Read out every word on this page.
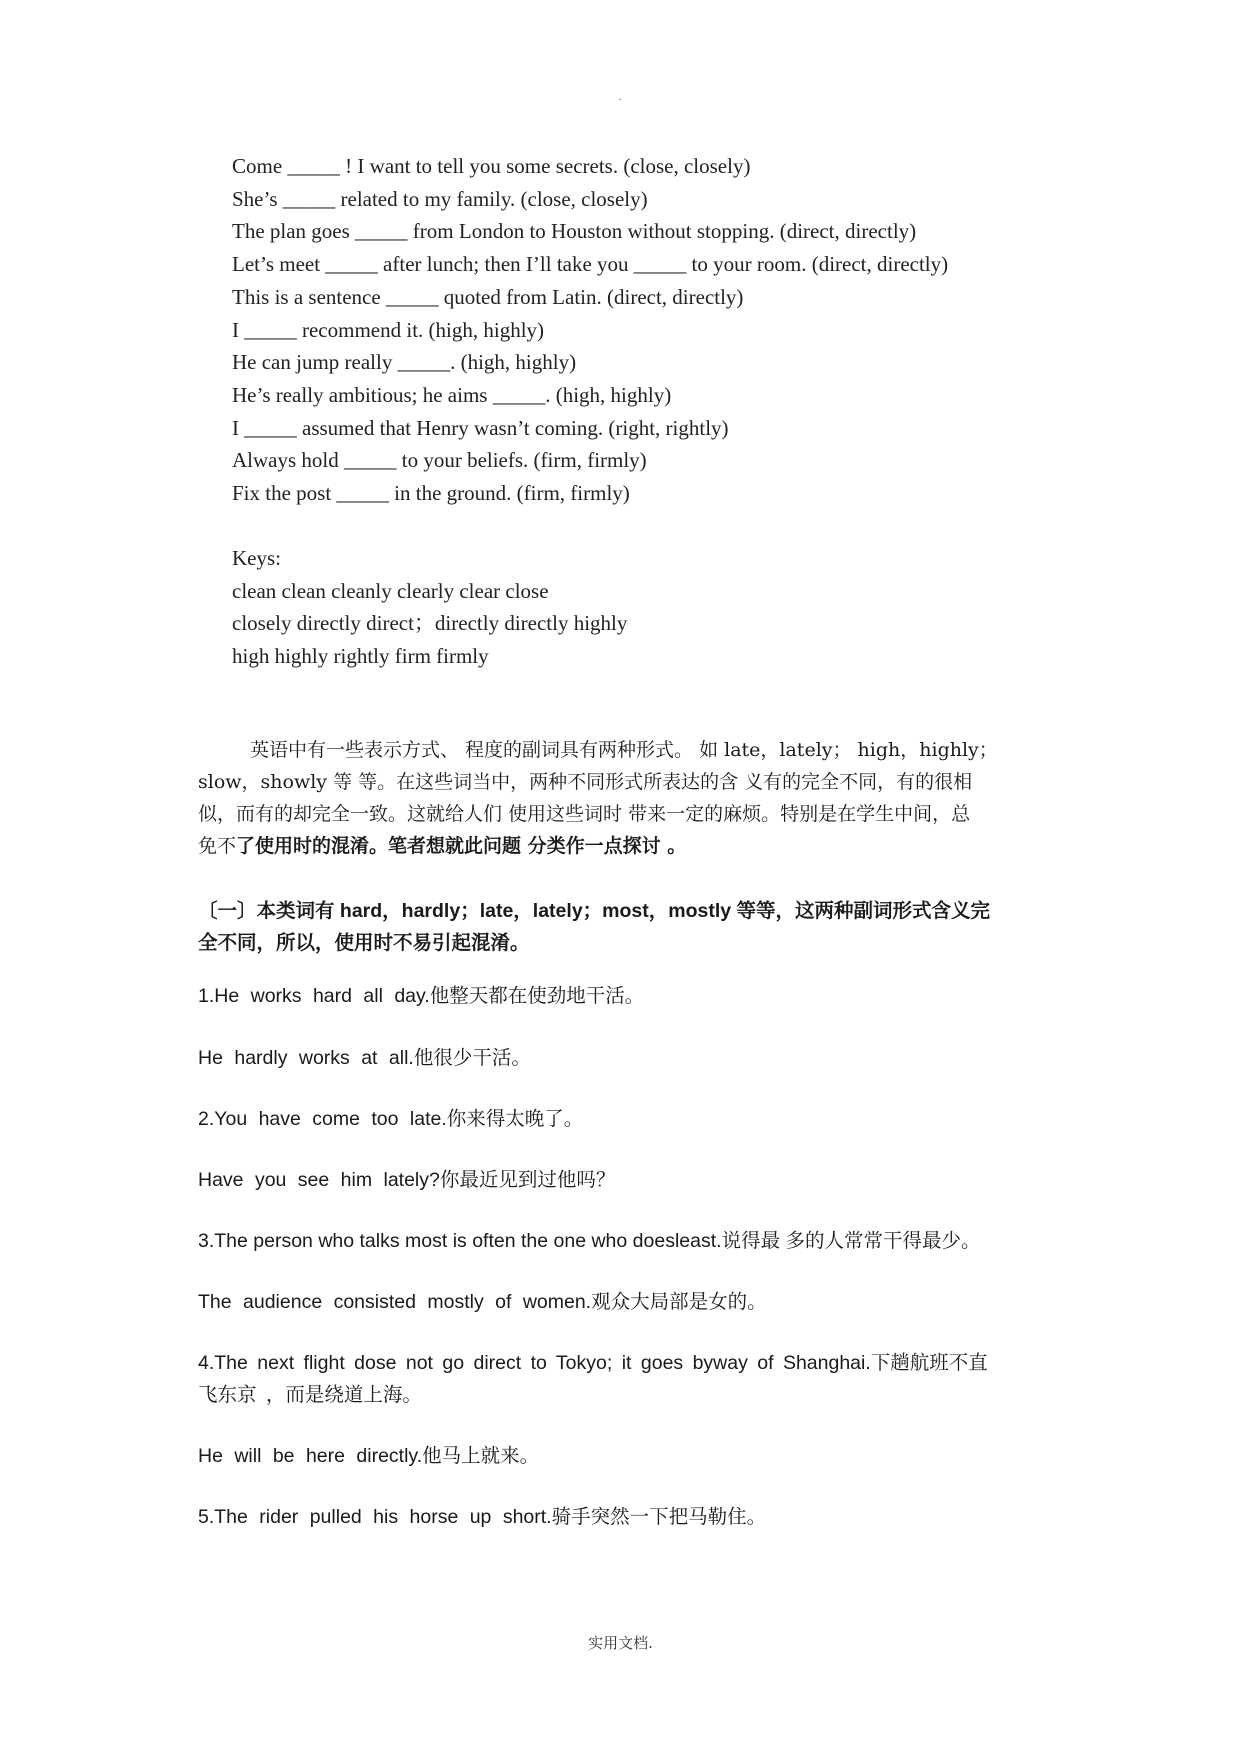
.
Come _____ ! I want to tell you some secrets. (close, closely)
She’s _____ related to my family. (close, closely)
The plan goes _____ from London to Houston without stopping. (direct, directly)
Let’s meet _____ after lunch; then I’ll take you _____ to your room. (direct, directly)
This is a sentence _____ quoted from Latin. (direct, directly)
I _____ recommend it. (high, highly)
He can jump really _____. (high, highly)
He’s really ambitious; he aims _____. (high, highly)
I _____ assumed that Henry wasn’t coming. (right, rightly)
Always hold _____ to your beliefs. (firm, firmly)
Fix the post _____ in the ground. (firm, firmly)
Keys:
clean clean cleanly clearly clear close
closely directly direct；directly directly highly
high highly rightly firm firmly

英语中有一些表示方式、 程度的副词具有两种形式。 如 late，lately； high，highly；

slow，showly 等 等。在这些词当中，两种不同形式所表达的含 义有的完全不同，有的很相

似，而有的却完全一致。这就给人们 使用这些词时 带来一定的麻烦。特别是在学生中间，总

免不了使用时的混淆。笔者想就此问题 分类作一点探讨 。

〔一〕本类词有 hard，hardly；late，lately；most，mostly 等等，这两种副词形式含义完

全不同，所以，使用时不易引起混淆。

1.He works hard all day.他整天都在使劲地干活。

He hardly works at all.他很少干活。

2.You have come too late.你来得太晚了。

Have you see him lately?你最近见到过他吗？

3.The person who talks most is often the one who doesleast.说得最 多的人常常干得最少。

The audience consisted mostly of women.观众大局部是女的。

4.The next flight dose not go direct to Tokyo; it goes byway of Shanghai.下趟航班不直

飞东京 ，而是绕道上海。

He will be here directly.他马上就来。

5.The rider pulled his horse up short.骑手突然一下把马勒住。

实用文档.
